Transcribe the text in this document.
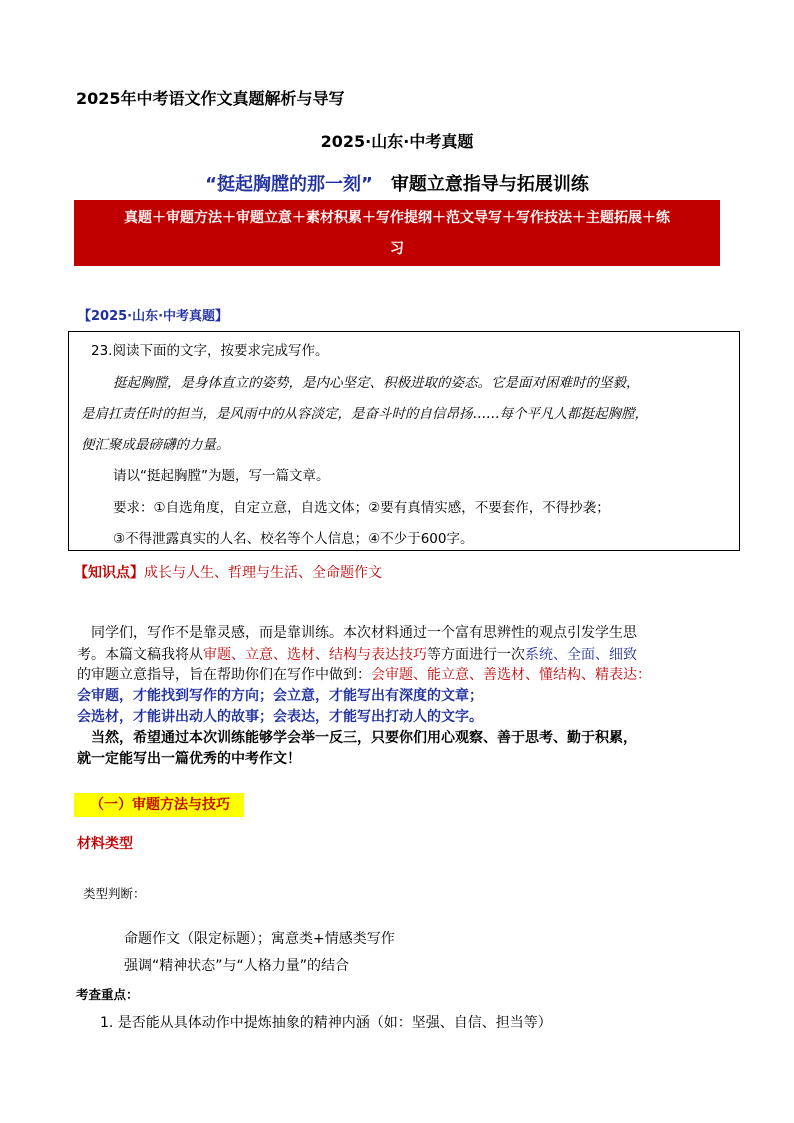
2025年中考语文作文真题解析与导写
2025·山东·中考真题
“挺起胸膛的那一刻” 审题立意指导与拓展训练
真题＋审题方法＋审题立意＋素材积累＋写作提纲＋范文导写＋写作技法＋主题拓展＋练
习
【2025·山东·中考真题】
23.阅读下面的文字，按要求完成写作。
挺起胸膛，是身体直立的姿势，是内心坚定、积极进取的姿态。它是面对困难时的坚毅，
是肩扛责任时的担当，是风雨中的从容淡定，是奋斗时的自信昂扬……每个平凡人都挺起胸膛，
便汇聚成最磅礴的力量。
请以“挺起胸膛”为题，写一篇文章。
要求：①自选角度，自定立意，自选文体；②要有真情实感，不要套作，不得抄袭；
③不得泄露真实的人名、校名等个人信息；④不少于600字。
【知识点】成长与人生、哲理与生活、全命题作文
同学们，写作不是靠灵感，而是靠训练。本次材料通过一个富有思辨性的观点引发学生思
考。本篇文稿我将从审题、立意、选材、结构与表达技巧等方面进行一次系统、全面、细致
的审题立意指导，旨在帮助你们在写作中做到：会审题、能立意、善选材、懂结构、精表达：
会审题，才能找到写作的方向；会立意，才能写出有深度的文章；
会选材，才能讲出动人的故事；会表达，才能写出打动人的文字。
当然，希望通过本次训练能够学会举一反三，只要你们用心观察、善于思考、勤于积累，
就一定能写出一篇优秀的中考作文！
（一）审题方法与技巧
材料类型
类型判断：
命题作文（限定标题）；寓意类+情感类写作
强调“精神状态”与“人格力量”的结合
考查重点：
1. 是否能从具体动作中提炼抽象的精神内涵（如：坚强、自信、担当等）
